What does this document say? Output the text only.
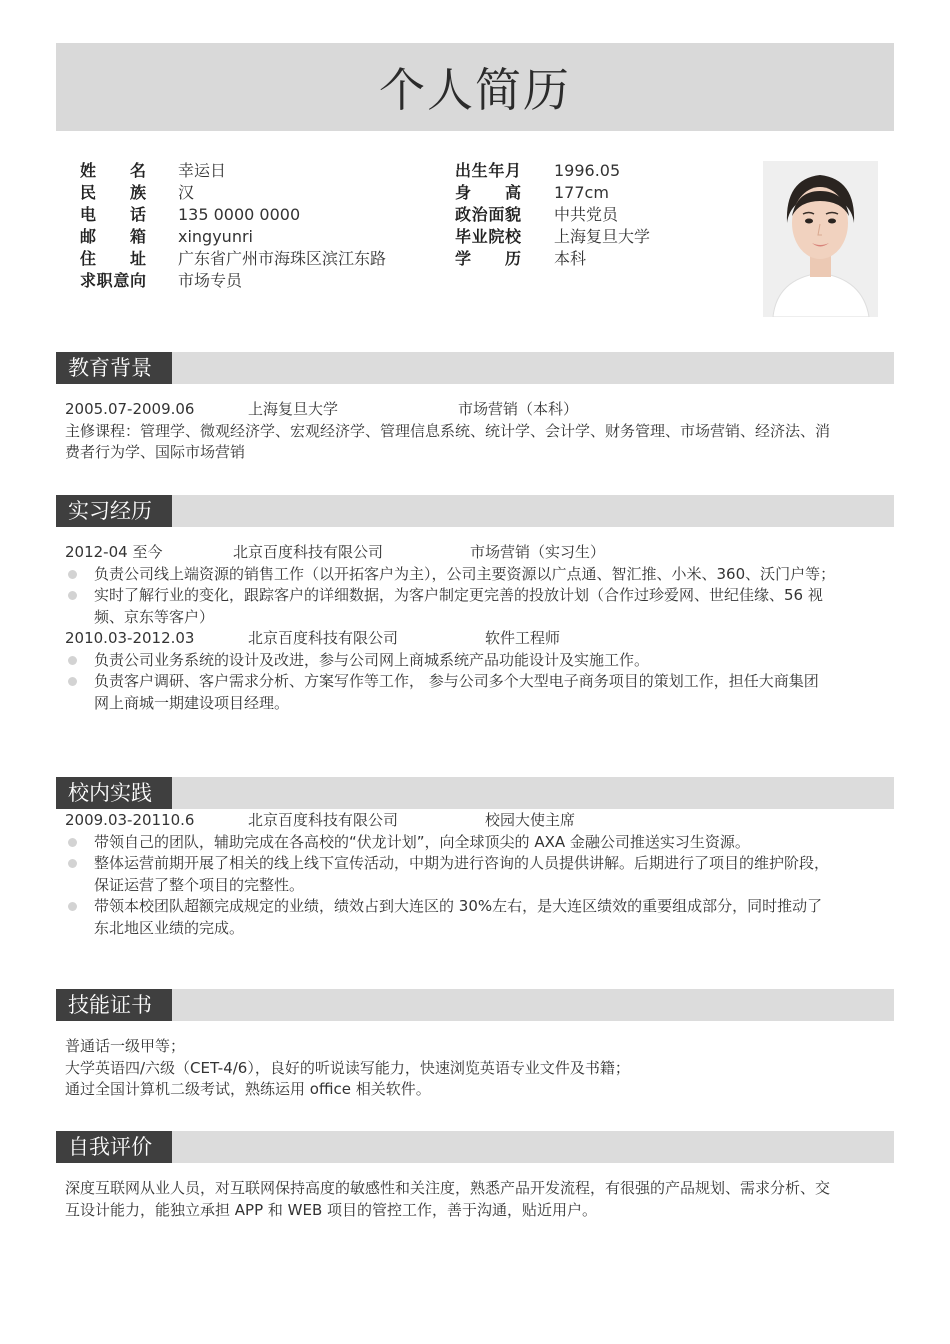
个人简历
姓名 幸运日
民族 汉
电话 135 0000 0000
邮箱 xingyunri
住址 广东省广州市海珠区滨江东路
求职意向 市场专员
出生年月 1996.05
身高 177cm
政治面貌 中共党员
毕业院校 上海复旦大学
学历 本科
教育背景
2005.07-2009.06	上海复旦大学	市场营销（本科）
主修课程：管理学、微观经济学、宏观经济学、管理信息系统、统计学、会计学、财务管理、市场营销、经济法、消
费者行为学、国际市场营销
实习经历
2012-04 至今	北京百度科技有限公司	市场营销（实习生）
负责公司线上端资源的销售工作（以开拓客户为主），公司主要资源以广点通、智汇推、小米、360、沃门户等；
实时了解行业的变化，跟踪客户的详细数据，为客户制定更完善的投放计划（合作过珍爱网、世纪佳缘、56 视
频、京东等客户）
2010.03-2012.03	北京百度科技有限公司	软件工程师
负责公司业务系统的设计及改进，参与公司网上商城系统产品功能设计及实施工作。
负责客户调研、客户需求分析、方案写作等工作， 参与公司多个大型电子商务项目的策划工作，担任大商集团
网上商城一期建设项目经理。
校内实践
2009.03-20110.6	北京百度科技有限公司	校园大使主席
带领自己的团队，辅助完成在各高校的“伏龙计划”，向全球顶尖的 AXA 金融公司推送实习生资源。
整体运营前期开展了相关的线上线下宣传活动，中期为进行咨询的人员提供讲解。后期进行了项目的维护阶段，
保证运营了整个项目的完整性。
带领本校团队超额完成规定的业绩，绩效占到大连区的 30%左右，是大连区绩效的重要组成部分，同时推动了
东北地区业绩的完成。
技能证书
普通话一级甲等；
大学英语四/六级（CET-4/6），良好的听说读写能力，快速浏览英语专业文件及书籍；
通过全国计算机二级考试，熟练运用 office 相关软件。
自我评价
深度互联网从业人员，对互联网保持高度的敏感性和关注度，熟悉产品开发流程，有很强的产品规划、需求分析、交
互设计能力，能独立承担 APP 和 WEB 项目的管控工作，善于沟通，贴近用户。
